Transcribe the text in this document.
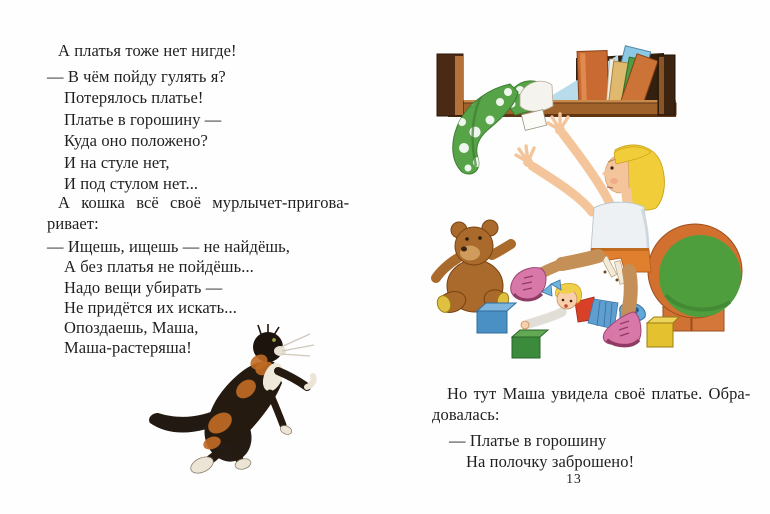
А платья тоже нет нигде!
— В чём пойду гулять я?
Потерялось платье!
Платье в горошину —
Куда оно положено?
И на стуле нет,
И под стулом нет...
А кошка всё своё мурлычет-пригова-
ривает:
— Ищешь, ищешь — не найдёшь,
А без платья не пойдёшь...
Надо вещи убирать —
Не придётся их искать...
Опоздаешь, Маша,
Маша-растеряша!
Но тут Маша увидела своё платье. Обра-
довалась:
— Платье в горошину
На полочку заброшено!
13
